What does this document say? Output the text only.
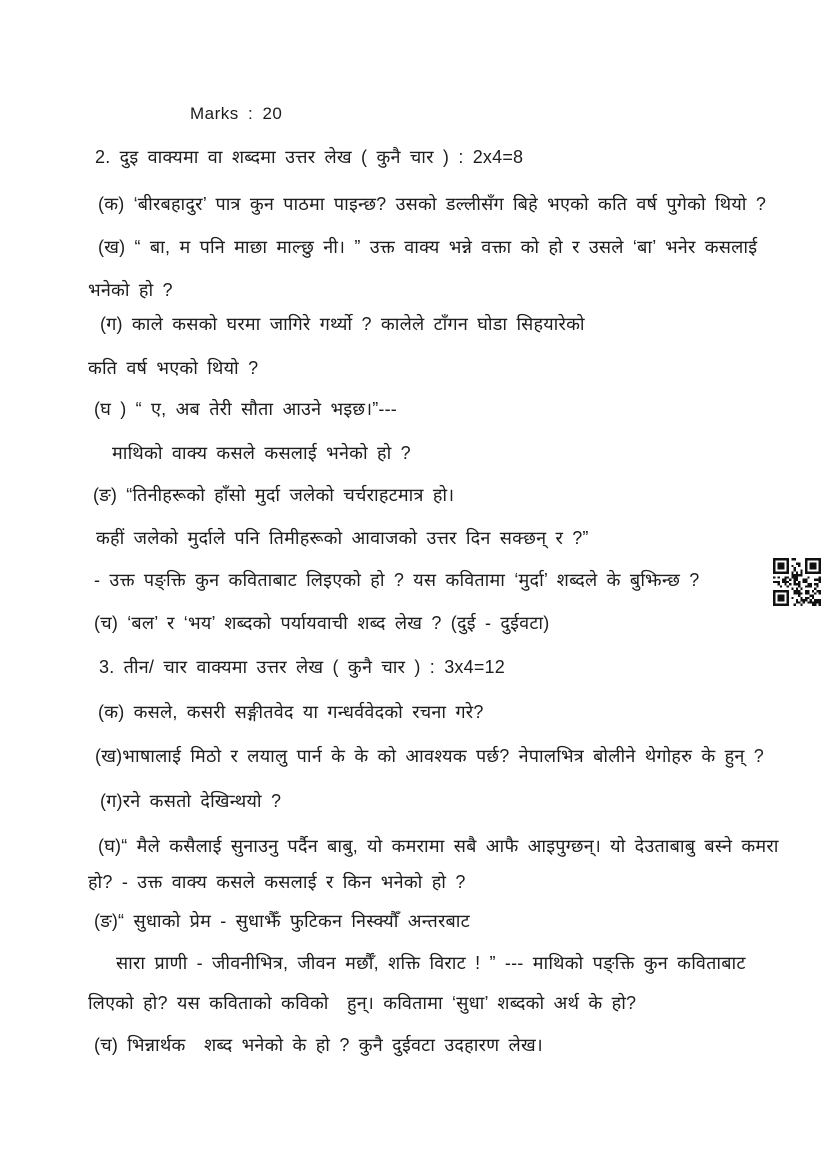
Marks : 20
2. दुइ वाक्यमा वा शब्दमा उत्तर लेख ( कुनै चार ) : 2x4=8
(क) ‘बीरबहादुर’ पात्र कुन पाठमा पाइन्छ? उसको डल्लीसँग बिहे भएको कति वर्ष पुगेको थियो ?
(ख) “ बा, म पनि माछा माल्छु नी। ” उक्त वाक्य भन्ने वक्ता को हो र उसले ‘बा’ भनेर कसलाई
भनेको हो ?
(ग) काले कसको घरमा जागिरे गर्थ्यो ? कालेले टाँगन घोडा सिहयारेको
कति वर्ष भएको थियो ?
(घ ) “ ए, अब तेरी सौता आउने भइछ।”---
माथिको वाक्य कसले कसलाई भनेको हो ?
(ङ) “तिनीहरूको हाँसो मुर्दा जलेको चर्चराहटमात्र हो।
कहीं जलेको मुर्दाले पनि तिमीहरूको आवाजको उत्तर दिन सक्छन् र ?”
- उक्त पङ्क्ति कुन कविताबाट लिइएको हो ? यस कवितामा ‘मुर्दा’ शब्दले के बुझिन्छ ?
(च) ‘बल’ र ‘भय’ शब्दको पर्यायवाची शब्द लेख ? (दुई - दुईवटा)
3. तीन/ चार वाक्यमा उत्तर लेख ( कुनै चार ) : 3x4=12
(क) कसले, कसरी सङ्गीतवेद या गन्धर्ववेदको रचना गरे?
(ख)भाषालाई मिठो र लयालु पार्न के के को आवश्यक पर्छ? नेपालभित्र बोलीने थेगोहरु के हुन् ?
(ग)रने कसतो देखिन्थयो ?
(घ)“ मैले कसैलाई सुनाउनु पर्दैन बाबु, यो कमरामा सबै आफै आइपुग्छन्। यो देउताबाबु बस्ने कमरा
हो? - उक्त वाक्य कसले कसलाई र किन भनेको हो ?
(ङ)“ सुधाको प्रेम - सुधाझैँ फुटिकन निस्क्यौँ अन्तरबाट
सारा प्राणी - जीवनीभित्र, जीवन मर्छौँ, शक्ति विराट ! ” --- माथिको पङ्क्ति कुन कविताबाट
लिएको हो? यस कविताको कविको  हुन्। कवितामा ‘सुधा’ शब्दको अर्थ के हो?
(च) भिन्नार्थक  शब्द भनेको के हो ? कुनै दुईवटा उदहारण लेख।
